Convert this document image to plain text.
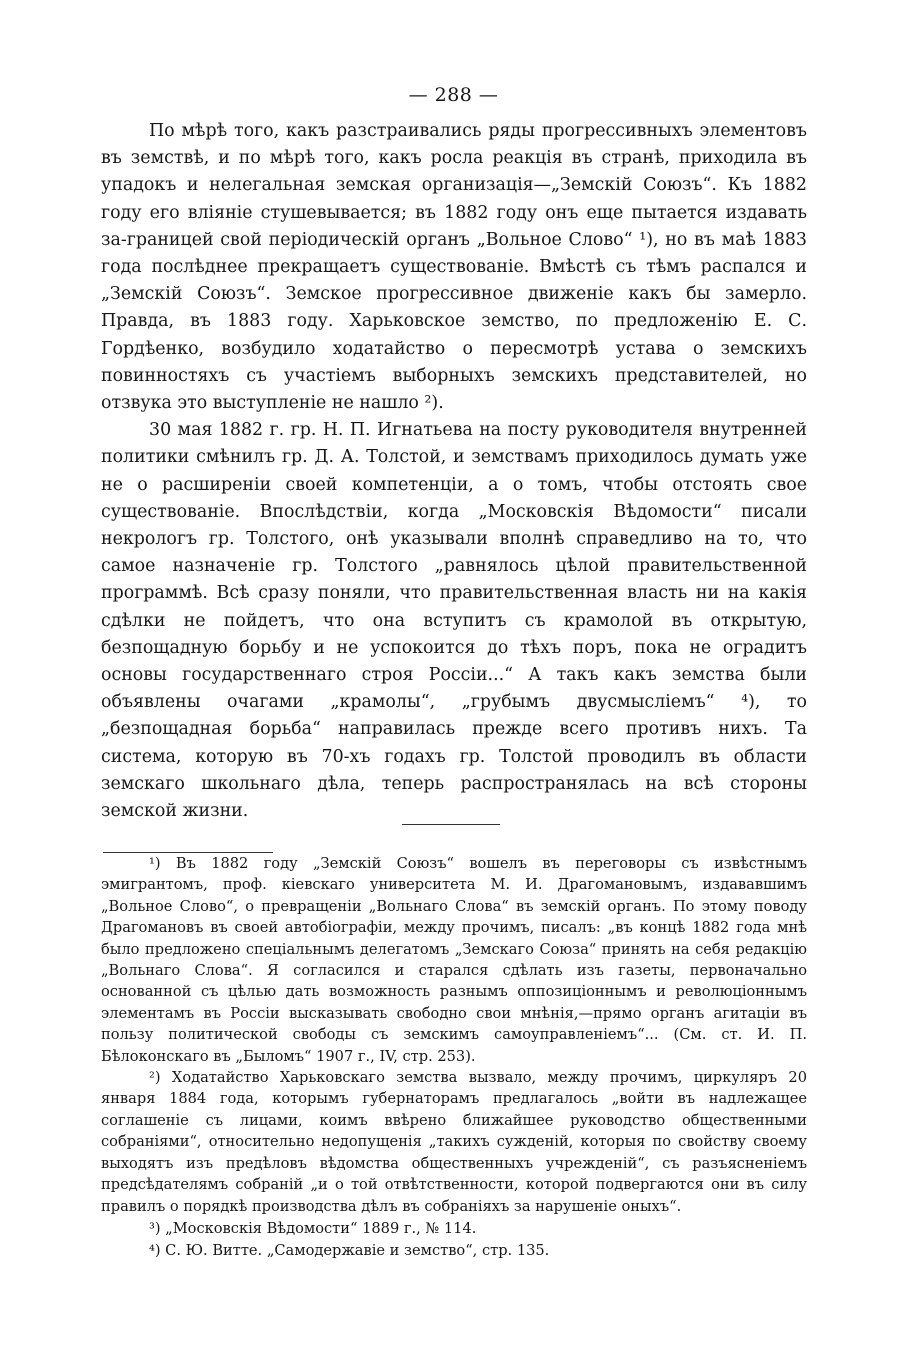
— 288 —

По мѣрѣ того, какъ разстраивались ряды прогрессивныхъ элементовъ въ земствѣ, и по мѣрѣ того, какъ росла реакція въ странѣ, приходила въ упадокъ и нелегальная земская организація—„Земскій Союзъ“. Къ 1882 году его вліяніе стушевывается; въ 1882 году онъ еще пытается издавать за-границей свой періодическій органъ „Вольное Слово“ ¹), но въ маѣ 1883 года послѣднее прекращаетъ существованіе. Вмѣстѣ съ тѣмъ распался и „Земскій Союзъ“. Земское прогрессивное движеніе какъ бы замерло. Правда, въ 1883 году. Харьковское земство, по предложенію Е. С. Гордѣенко, возбудило ходатайство о пересмотрѣ устава о земскихъ повинностяхъ съ участіемъ выборныхъ земскихъ представителей, но отзвука это выступленіе не нашло ²).

30 мая 1882 г. гр. Н. П. Игнатьева на посту руководителя внутренней политики смѣнилъ гр. Д. А. Толстой, и земствамъ приходилось думать уже не о расширеніи своей компетенціи, а о томъ, чтобы отстоять свое существованіе. Впослѣдствіи, когда „Московскія Вѣдомости“ писали некрологъ гр. Толстого, онѣ указывали вполнѣ справедливо на то, что самое назначеніе гр. Толстого „равнялось цѣлой правительственной программѣ. Всѣ сразу поняли, что правительственная власть ни на какія сдѣлки не пойдетъ, что она вступитъ съ крамолой въ открытую, безпощадную борьбу и не успокоится до тѣхъ поръ, пока не оградитъ основы государственнаго строя Россіи...“ А такъ какъ земства были объявлены очагами „крамолы“, „грубымъ двусмысліемъ“ ⁴), то „безпощадная борьба“ направилась прежде всего противъ нихъ. Та система, которую въ 70-хъ годахъ гр. Толстой проводилъ въ области земскаго школьнаго дѣла, теперь распространялась на всѣ стороны земской жизни.

¹) Въ 1882 году „Земскій Союзъ“ вошелъ въ переговоры съ извѣстнымъ эмигрантомъ, проф. кіевскаго университета М. И. Драгомановымъ, издававшимъ „Вольное Слово“, о превращеніи „Вольнаго Слова“ въ земскій органъ. По этому поводу Драгомановъ въ своей автобіографіи, между прочимъ, писалъ: „въ концѣ 1882 года мнѣ было предложено спеціальнымъ делегатомъ „Земскаго Союза“ принять на себя редакцію „Вольнаго Слова“. Я согласился и старался сдѣлать изъ газеты, первоначально основанной съ цѣлью дать возможность разнымъ оппозиціоннымъ и революціоннымъ элементамъ въ Россіи высказывать свободно свои мнѣнія,—прямо органъ агитаціи въ пользу политической свободы съ земскимъ самоуправленіемъ“... (См. ст. И. П. Бѣлоконскаго въ „Быломъ“ 1907 г., IV, стр. 253).

²) Ходатайство Харьковскаго земства вызвало, между прочимъ, циркуляръ 20 января 1884 года, которымъ губернаторамъ предлагалось „войти въ надлежащее соглашеніе съ лицами, коимъ ввѣрено ближайшее руководство общественными собраніями“, относительно недопущенія „такихъ сужденій, которыя по свойству своему выходятъ изъ предѣловъ вѣдомства общественныхъ учрежденій“, съ разъясненіемъ предсѣдателямъ собраній „и о той отвѣтственности, которой подвергаются они въ силу правилъ о порядкѣ производства дѣлъ въ собраніяхъ за нарушеніе оныхъ“.

³) „Московскія Вѣдомости“ 1889 г., № 114.

⁴) С. Ю. Витте. „Самодержавіе и земство“, стр. 135.
